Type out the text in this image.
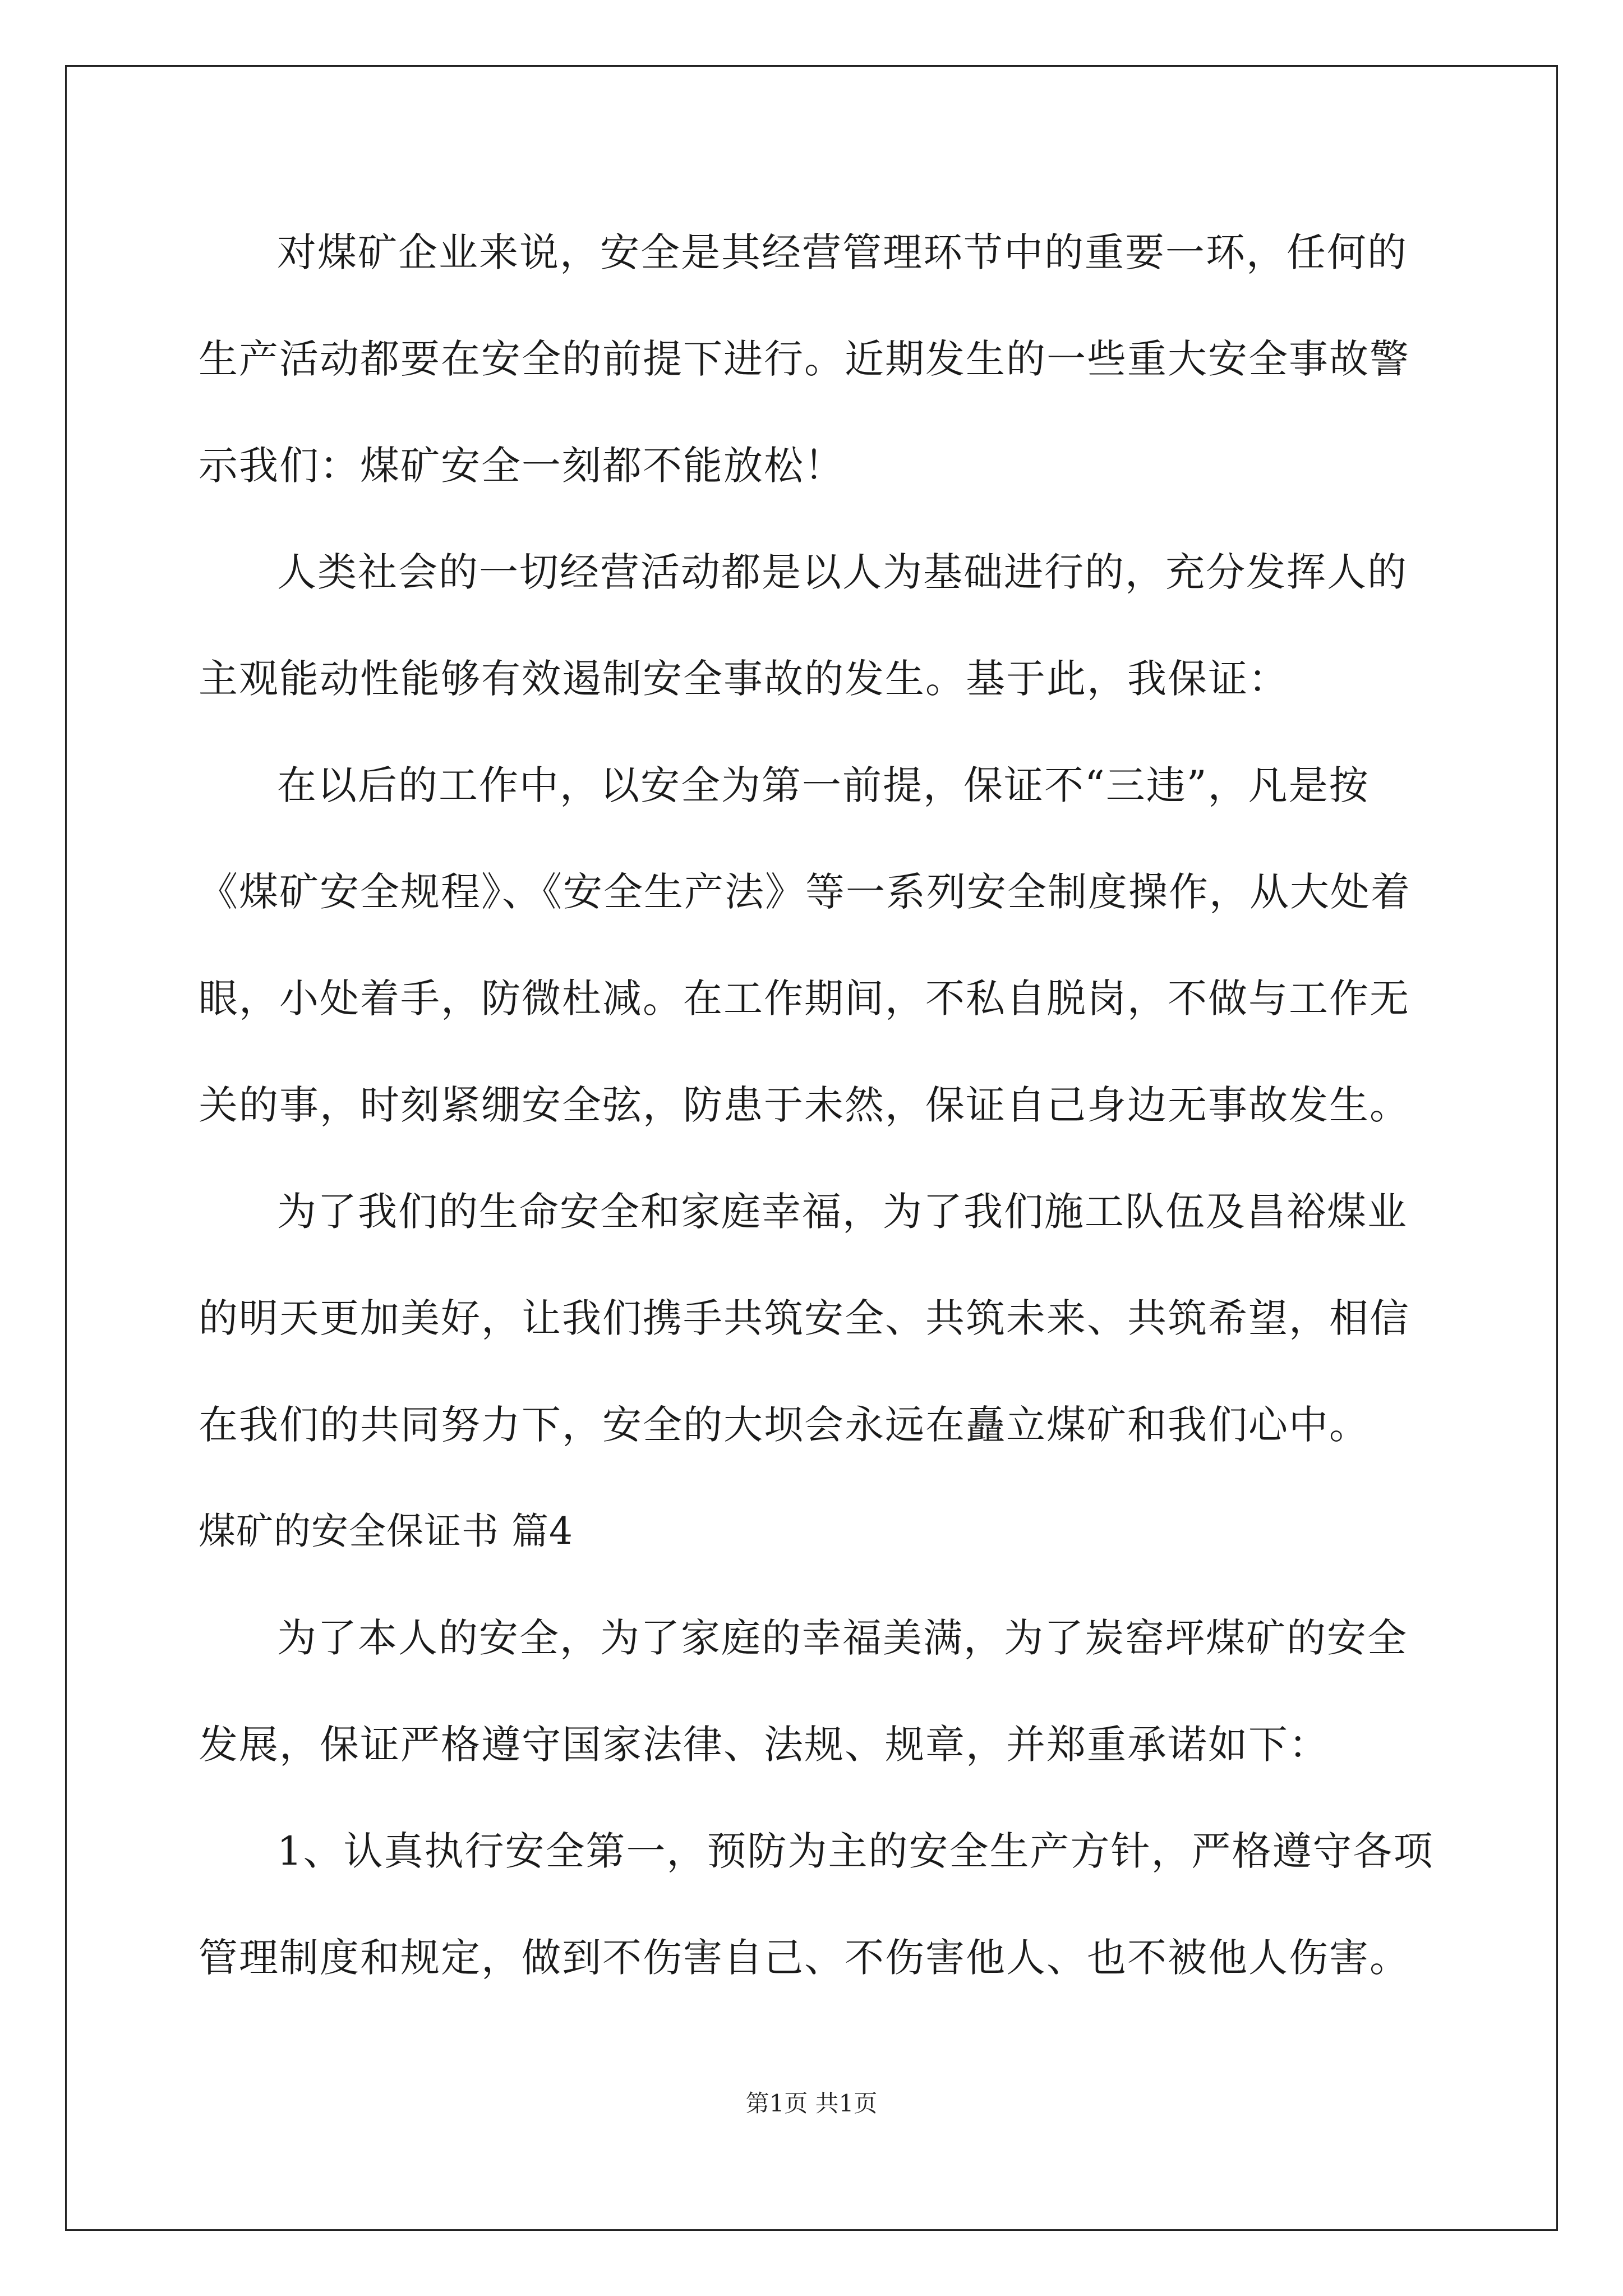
对煤矿企业来说，安全是其经营管理环节中的重要一环，任何的
生产活动都要在安全的前提下进行。近期发生的一些重大安全事故警
示我们：煤矿安全一刻都不能放松！
人类社会的一切经营活动都是以人为基础进行的，充分发挥人的
主观能动性能够有效遏制安全事故的发生。基于此，我保证：
在以后的工作中，以安全为第一前提，保证不“三违”，凡是按
《煤矿安全规程》、《安全生产法》等一系列安全制度操作，从大处着
眼，小处着手，防微杜减。在工作期间，不私自脱岗，不做与工作无
关的事，时刻紧绷安全弦，防患于未然，保证自己身边无事故发生。
为了我们的生命安全和家庭幸福，为了我们施工队伍及昌裕煤业
的明天更加美好，让我们携手共筑安全、共筑未来、共筑希望，相信
在我们的共同努力下，安全的大坝会永远在矗立煤矿和我们心中。
煤矿的安全保证书 篇4
为了本人的安全，为了家庭的幸福美满，为了炭窑坪煤矿的安全
发展，保证严格遵守国家法律、法规、规章，并郑重承诺如下：
1、认真执行安全第一，预防为主的安全生产方针，严格遵守各项
管理制度和规定，做到不伤害自己、不伤害他人、也不被他人伤害。
第1页 共1页
